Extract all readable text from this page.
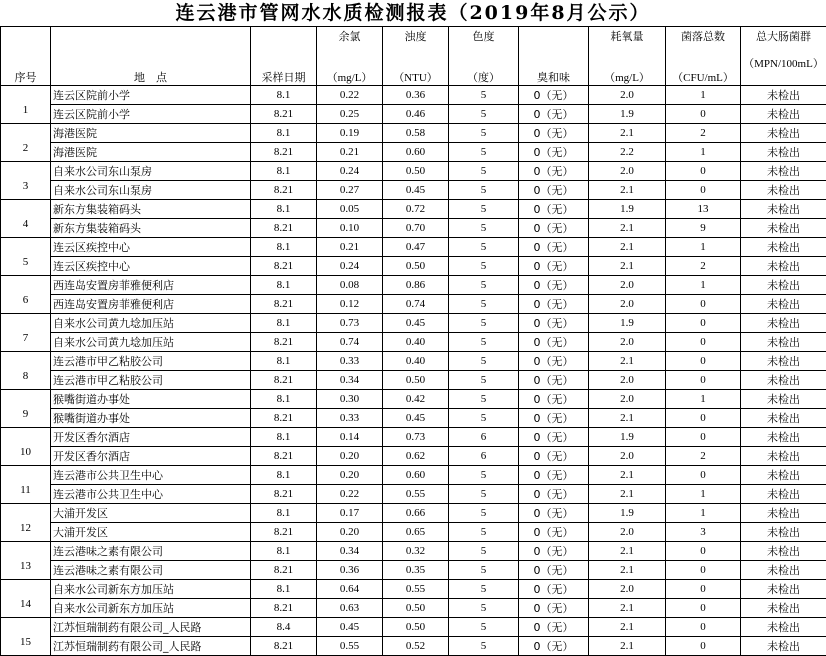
连云港市管网水水质检测报表（2019年8月公示）
			余氯	浊度	色度		耗氧量	菌落总数	总大肠菌群
序号	地　点	采样日期	（mg/L）	（NTU）	（度）	臭和味	（mg/L）	（CFU/mL）	（MPN/100mL）
	连云区院前小学	8.1	0.22	0.36	5	0（无）	2.0	1	未检出
1	连云区院前小学	8.21	0.25	0.46	5	0（无）	1.9	0	未检出
	海港医院	8.1	0.19	0.58	5	0（无）	2.1	2	未检出
2	海港医院	8.21	0.21	0.60	5	0（无）	2.2	1	未检出
	自来水公司东山泵房	8.1	0.24	0.50	5	0（无）	2.0	0	未检出
3	自来水公司东山泵房	8.21	0.27	0.45	5	0（无）	2.1	0	未检出
	新东方集装箱码头	8.1	0.05	0.72	5	0（无）	1.9	13	未检出
4	新东方集装箱码头	8.21	0.10	0.70	5	0（无）	2.1	9	未检出
	连云区疾控中心	8.1	0.21	0.47	5	0（无）	2.1	1	未检出
5	连云区疾控中心	8.21	0.24	0.50	5	0（无）	2.1	2	未检出
	西连岛安置房菲雅便利店	8.1	0.08	0.86	5	0（无）	2.0	1	未检出
6	西连岛安置房菲雅便利店	8.21	0.12	0.74	5	0（无）	2.0	0	未检出
	自来水公司黄九埝加压站	8.1	0.73	0.45	5	0（无）	1.9	0	未检出
7	自来水公司黄九埝加压站	8.21	0.74	0.40	5	0（无）	2.0	0	未检出
	连云港市甲乙粘胶公司	8.1	0.33	0.40	5	0（无）	2.1	0	未检出
8	连云港市甲乙粘胶公司	8.21	0.34	0.50	5	0（无）	2.0	0	未检出
	猴嘴街道办事处	8.1	0.30	0.42	5	0（无）	2.0	1	未检出
9	猴嘴街道办事处	8.21	0.33	0.45	5	0（无）	2.1	0	未检出
	开发区香尔酒店	8.1	0.14	0.73	6	0（无）	1.9	0	未检出
10	开发区香尔酒店	8.21	0.20	0.62	6	0（无）	2.0	2	未检出
	连云港市公共卫生中心	8.1	0.20	0.60	5	0（无）	2.1	0	未检出
11	连云港市公共卫生中心	8.21	0.22	0.55	5	0（无）	2.1	1	未检出
	大浦开发区	8.1	0.17	0.66	5	0（无）	1.9	1	未检出
12	大浦开发区	8.21	0.20	0.65	5	0（无）	2.0	3	未检出
	连云港味之素有限公司	8.1	0.34	0.32	5	0（无）	2.1	0	未检出
13	连云港味之素有限公司	8.21	0.36	0.35	5	0（无）	2.1	0	未检出
	自来水公司新东方加压站	8.1	0.64	0.55	5	0（无）	2.0	0	未检出
14	自来水公司新东方加压站	8.21	0.63	0.50	5	0（无）	2.1	0	未检出
	江苏恒瑞制药有限公司_人民路	8.4	0.45	0.50	5	0（无）	2.1	0	未检出
15	江苏恒瑞制药有限公司_人民路	8.21	0.55	0.52	5	0（无）	2.1	0	未检出
